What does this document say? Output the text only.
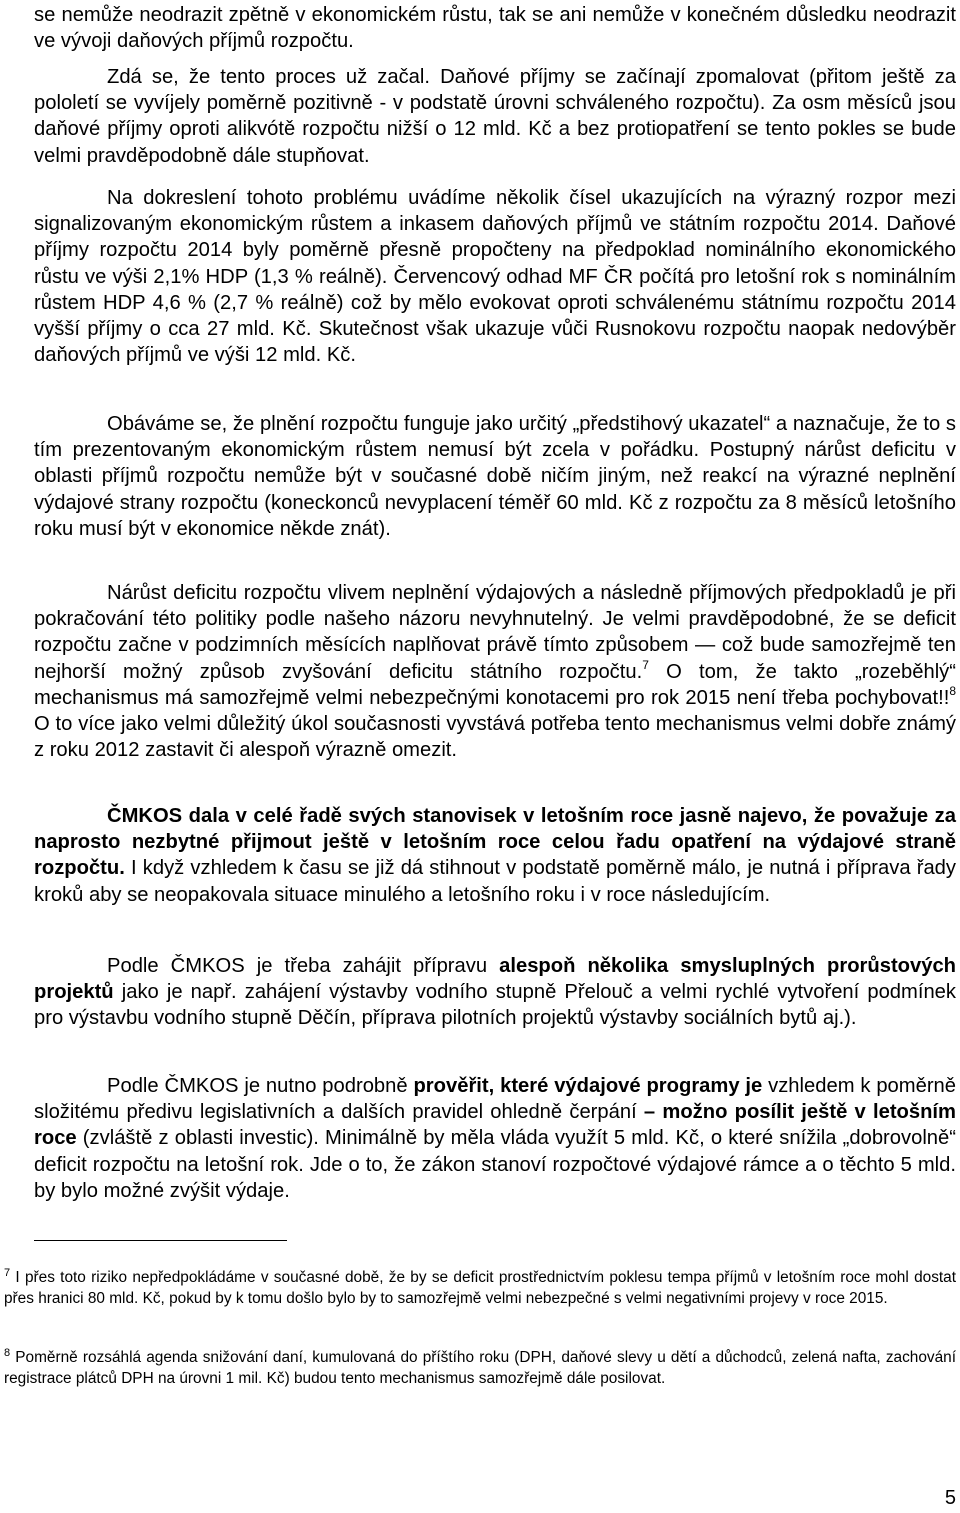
se nemůže neodrazit zpětně v ekonomickém růstu, tak se ani nemůže v konečném důsledku neodrazit ve vývoji daňových příjmů rozpočtu.

Zdá se, že tento proces už začal. Daňové příjmy se začínají zpomalovat (přitom ještě za pololetí se vyvíjely poměrně pozitivně - v podstatě úrovni schváleného rozpočtu). Za osm měsíců jsou daňové příjmy oproti alikvótě rozpočtu nižší o 12 mld. Kč a bez protiopatření se tento pokles se bude velmi pravděpodobně dále stupňovat.

Na dokreslení tohoto problému uvádíme několik čísel ukazujících na výrazný rozpor mezi signalizovaným ekonomickým růstem a inkasem daňových příjmů ve státním rozpočtu 2014. Daňové příjmy rozpočtu 2014 byly poměrně přesně propočteny na předpoklad nominálního ekonomického růstu ve výši 2,1% HDP (1,3 % reálně). Červencový odhad MF ČR počítá pro letošní rok s nominálním růstem HDP 4,6 % (2,7 % reálně) což by mělo evokovat oproti schválenému státnímu rozpočtu 2014 vyšší příjmy o cca 27 mld. Kč. Skutečnost však ukazuje vůči Rusnokovu rozpočtu naopak nedovýběr daňových příjmů ve výši 12 mld. Kč.

Obáváme se, že plnění rozpočtu funguje jako určitý „předstihový ukazatel“ a naznačuje, že to s tím prezentovaným ekonomickým růstem nemusí být zcela v pořádku. Postupný nárůst deficitu v oblasti příjmů rozpočtu nemůže být v současné době ničím jiným, než reakcí na výrazné neplnění výdajové strany rozpočtu (koneckonců nevyplacení téměř 60 mld. Kč z rozpočtu za 8 měsíců letošního roku musí být v ekonomice někde znát).

Nárůst deficitu rozpočtu vlivem neplnění výdajových a následně příjmových předpokladů je při pokračování této politiky podle našeho názoru nevyhnutelný. Je velmi pravděpodobné, že se deficit rozpočtu začne v podzimních měsících naplňovat právě tímto způsobem — což bude samozřejmě ten nejhorší možný způsob zvyšování deficitu státního rozpočtu.$^7$ O tom, že takto „rozeběhlý“ mechanismus má samozřejmě velmi nebezpečnými konotacemi pro rok 2015 není třeba pochybovat!!$^8$ O to více jako velmi důležitý úkol současnosti vyvstává potřeba tento mechanismus velmi dobře známý z roku 2012 zastavit či alespoň výrazně omezit.

ČMKOS dala v celé řadě svých stanovisek v letošním roce jasně najevo, že považuje za naprosto nezbytné přijmout ještě v letošním roce celou řadu opatření na výdajové straně rozpočtu. I když vzhledem k času se již dá stihnout v podstatě poměrně málo, je nutná i příprava řady kroků aby se neopakovala situace minulého a letošního roku i v roce následujícím.

Podle ČMKOS je třeba zahájit přípravu alespoň několika smysluplných prorůstových projektů jako je např. zahájení výstavby vodního stupně Přelouč a velmi rychlé vytvoření podmínek pro výstavbu vodního stupně Děčín, příprava pilotních projektů výstavby sociálních bytů aj.).

Podle ČMKOS je nutno podrobně prověřit, které výdajové programy je vzhledem k poměrně složitému předivu legislativních a dalších pravidel ohledně čerpání – možno posílit ještě v letošním roce (zvláště z oblasti investic). Minimálně by měla vláda využít 5 mld. Kč, o které snížila „dobrovolně“ deficit rozpočtu na letošní rok. Jde o to, že zákon stanoví rozpočtové výdajové rámce a o těchto 5 mld. by bylo možné zvýšit výdaje.

$^7$ I přes toto riziko nepředpokládáme v současné době, že by se deficit prostřednictvím poklesu tempa příjmů v letošním roce mohl dostat přes hranici 80 mld. Kč, pokud by k tomu došlo bylo by to samozřejmě velmi nebezpečné s velmi negativními projevy v roce 2015.

$^8$ Poměrně rozsáhlá agenda snižování daní, kumulovaná do příštího roku (DPH, daňové slevy u dětí a důchodců, zelená nafta, zachování registrace plátců DPH na úrovni 1 mil. Kč) budou tento mechanismus samozřejmě dále posilovat.

5
